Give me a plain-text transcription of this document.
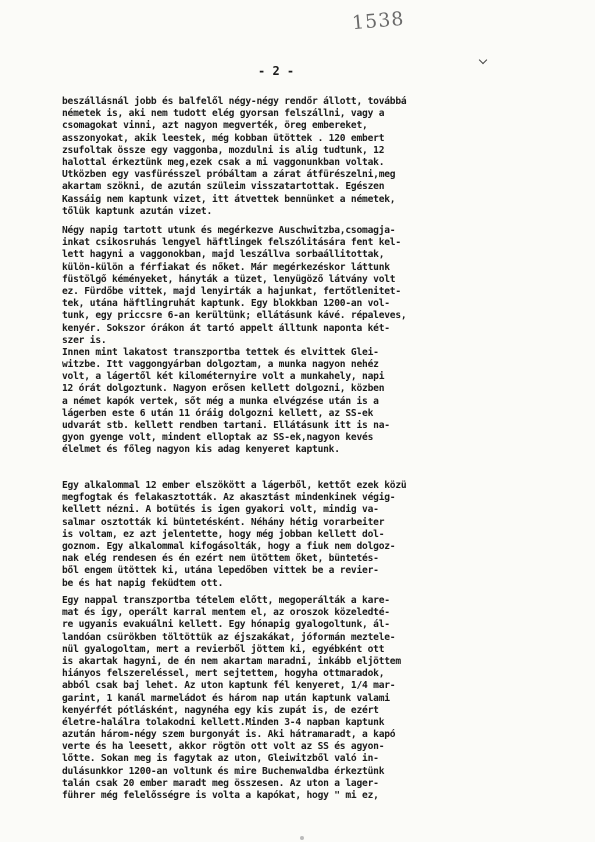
1538
- 2 -
beszállásnál jobb és balfelől négy-négy rendőr állott, továbbá
németek is, aki nem tudott elég gyorsan felszállni, vagy a
csomagokat vinni, azt nagyon megverték, öreg embereket,
asszonyokat, akik leestek, még kobban ütöttek . 120 embert
zsufoltak össze egy vaggonba, mozdulni is alig tudtunk, 12
halottal érkeztünk meg,ezek csak a mi vaggonunkban voltak.
Utközben egy vasfürésszel próbáltam a zárat átfürészelni,meg
akartam szökni, de azután szüleim visszatartottak. Egészen
Kassáig nem kaptunk vizet, itt átvettek bennünket a németek,
tőlük kaptunk azután vizet.
Négy napig tartott utunk és megérkezve Auschwitzba,csomagja-
inkat csikosruhás lengyel häftlingek felszólitására fent kel-
lett hagyni a vaggonokban, majd leszállva sorbaállitottak,
külön-külön a férfiakat és nőket. Már megérkezéskor láttunk
füstölgő kéményeket, hányták a tüzet, lenyügöző látvány volt
ez. Fürdőbe vittek, majd lenyirták a hajunkat, fertőtlenitet-
tek, utána häftlingruhát kaptunk. Egy blokkban 1200-an vol-
tunk, egy priccsre 6-an kerültünk; ellátásunk kávé. répaleves,
kenyér. Sokszor órákon át tartó appelt álltunk naponta két-
szer is.
Innen mint lakatost transzportba tettek és elvittek Glei-
witzbe. Itt vaggongyárban dolgoztam, a munka nagyon nehéz
volt, a lágertől két kilométernyire volt a munkahely, napi
12 órát dolgoztunk. Nagyon erősen kellett dolgozni, közben
a német kapók vertek, sőt még a munka elvégzése után is a
lágerben este 6 után 11 óráig dolgozni kellett, az SS-ek
udvarát stb. kellett rendben tartani. Ellátásunk itt is na-
gyon gyenge volt, mindent elloptak az SS-ek,nagyon kevés
élelmet és főleg nagyon kis adag kenyeret kaptunk.
Egy alkalommal 12 ember elszökött a lágerből, kettőt ezek közü
megfogtak és felakasztották. Az akasztást mindenkinek végig-
kellett nézni. A botütés is igen gyakori volt, mindig va-
salmar osztották ki büntetésként. Néhány hétig vorarbeiter
is voltam, ez azt jelentette, hogy még jobban kellett dol-
goznom. Egy alkalommal kifogásolták, hogy a fiuk nem dolgoz-
nak elég rendesen és én ezért nem ütöttem őket, büntetés-
ből engem ütöttek ki, utána lepedőben vittek be a revier-
be és hat napig feküdtem ott.
Egy nappal transzportba tételem előtt, megoperálták a kare-
mat és igy, operált karral mentem el, az oroszok közeledté-
re ugyanis evakuálni kellett. Egy hónapig gyalogoltunk, ál-
landóan csürökben töltöttük az éjszakákat, jóformán meztele-
nül gyalogoltam, mert a revierből jöttem ki, egyébként ott
is akartak hagyni, de én nem akartam maradni, inkább eljöttem
hiányos felszereléssel, mert sejtettem, hogyha ottmaradok,
abból csak baj lehet. Az uton kaptunk fél kenyeret, 1/4 mar-
garint, 1 kanál marmeládot és három nap után kaptunk valami
kenyérfét pótlásként, nagynéha egy kis zupát is, de ezért
életre-halálra tolakodni kellett.Minden 3-4 napban kaptunk
azután három-négy szem burgonyát is. Aki hátramaradt, a kapó
verte és ha leesett, akkor rögtön ott volt az SS és agyon-
lőtte. Sokan meg is fagytak az uton, Gleiwitzből való in-
dulásunkkor 1200-an voltunk és mire Buchenwaldba érkeztünk
talán csak 20 ember maradt meg összesen. Az uton a lager-
führer még felelősségre is volta a kapókat, hogy " mi ez,
